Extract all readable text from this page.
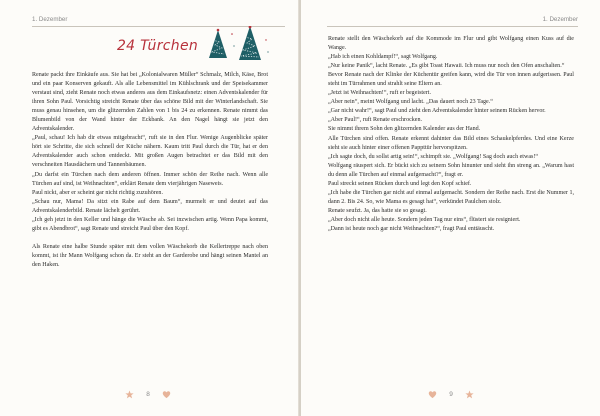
1. Dezember
24 Türchen

Renate packt ihre Einkäufe aus. Sie hat bei „Kolonialwaren Müller“ Schmalz, Milch, Käse, Brot und ein paar Konserven gekauft. Als alle Lebensmittel im Kühlschrank und der Speisekammer verstaut sind, zieht Renate noch etwas anderes aus dem Einkaufsnetz: einen Adventskalender für ihren Sohn Paul. Vorsichtig streicht Renate über das schöne Bild mit der Winterlandschaft. Sie muss genau hinsehen, um die glitzernden Zahlen von 1 bis 24 zu erkennen. Renate nimmt das Blumenbild von der Wand hinter der Eckbank. An den Nagel hängt sie jetzt den Adventskalender.

„Paul, schau! Ich hab dir etwas mitgebracht“, ruft sie in den Flur. Wenige Augenblicke später hört sie Schritte, die sich schnell der Küche nähern. Kaum tritt Paul durch die Tür, hat er den Adventskalender auch schon entdeckt. Mit großen Augen betrachtet er das Bild mit den verschneiten Hausdächern und Tannenbäumen.

„Du darfst ein Türchen nach dem anderen öffnen. Immer schön der Reihe nach. Wenn alle Türchen auf sind, ist Weihnachten“, erklärt Renate dem vierjährigen Naseweis.

Paul nickt, aber er scheint gar nicht richtig zuzuhören.

„Schau nur, Mama! Da sitzt ein Rabe auf dem Baum“, murmelt er und deutet auf das Adventskalenderbild. Renate lächelt gerührt.

„Ich geh jetzt in den Keller und hänge die Wäsche ab. Sei inzwischen artig. Wenn Papa kommt, gibt es Abendbrot“, sagt Renate und streicht Paul über den Kopf.

Als Renate eine halbe Stunde später mit dem vollen Wäschekorb die Kellertreppe nach oben kommt, ist ihr Mann Wolfgang schon da. Er steht an der Garderobe und hängt seinen Mantel an den Haken.

8
1. Dezember

Renate stellt den Wäschekorb auf die Kommode im Flur und gibt Wolfgang einen Kuss auf die Wange.

„Hab ich einen Kohldampf!“, sagt Wolfgang.

„Nur keine Panik“, lacht Renate. „Es gibt Toast Hawaii. Ich muss nur noch den Ofen anschalten.“

Bevor Renate nach der Klinke der Küchentür greifen kann, wird die Tür von innen aufgerissen. Paul steht im Türrahmen und strahlt seine Eltern an.

„Jetzt ist Weihnachten!“, ruft er begeistert.

„Aber nein“, meint Wolfgang und lacht. „Das dauert noch 23 Tage.“

„Gar nicht wahr!“, sagt Paul und zieht den Adventskalender hinter seinem Rücken hervor.

„Aber Paul!“, ruft Renate erschrocken.

Sie nimmt ihrem Sohn den glitzernden Kalender aus der Hand.

Alle Türchen sind offen. Renate erkennt dahinter das Bild eines Schaukelpferdes. Und eine Kerze sieht sie auch hinter einer offenen Pappttür hervorspitzen.

„Ich sagte doch, du sollst artig sein!“, schimpft sie. „Wolfgang! Sag doch auch etwas!“

Wolfgang räuspert sich. Er bückt sich zu seinem Sohn hinunter und sieht ihn streng an. „Warum hast du denn alle Türchen auf einmal aufgemacht?“, fragt er.

Paul streckt seinen Rücken durch und legt den Kopf schief.

„Ich habe die Türchen gar nicht auf einmal aufgemacht. Sondern der Reihe nach. Erst die Nummer 1, dann 2. Bis 24. So, wie Mama es gesagt hat“, verkündet Paulchen stolz.

Renate seufzt. Ja, das hatte sie so gesagt.

„Aber doch nicht alle heute. Sondern jeden Tag nur eins“, flüstert sie resigniert.

„Dann ist heute noch gar nicht Weihnachten?“, fragt Paul enttäuscht.

9
